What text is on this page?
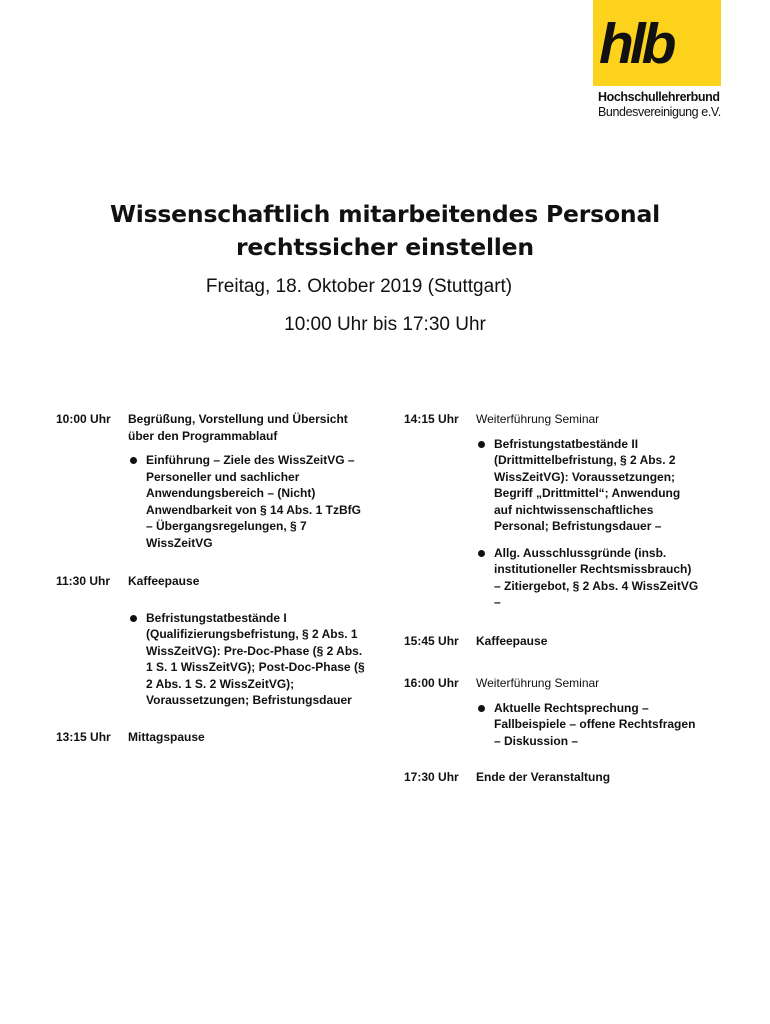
hlb
Hochschullehrerbund
Bundesvereinigung e.V.
Wissenschaftlich mitarbeitendes Personal
rechtssicher einstellen
Freitag, 18. Oktober 2019 (Stuttgart)
10:00 Uhr bis 17:30 Uhr
10:00 Uhr	Begrüßung, Vorstellung und Übersicht über den Programmablauf
Einführung – Ziele des WissZeitVG – Personeller und sachlicher Anwendungsbereich – (Nicht) Anwendbarkeit von § 14 Abs. 1 TzBfG – Übergangsregelungen, § 7 WissZeitVG
11:30 Uhr	Kaffeepause
Befristungstatbestände I (Qualifizierungsbefristung, § 2 Abs. 1 WissZeitVG): Pre-Doc-Phase (§ 2 Abs. 1 S. 1 WissZeitVG); Post-Doc-Phase (§ 2 Abs. 1 S. 2 WissZeitVG); Voraussetzungen; Befristungsdauer
13:15 Uhr	Mittagspause
14:15 Uhr	Weiterführung Seminar
Befristungstatbestände II (Drittmittelbefristung, § 2 Abs. 2 WissZeitVG): Voraussetzungen; Begriff „Drittmittel“; Anwendung auf nichtwissenschaftliches Personal; Befristungsdauer –
Allg. Ausschlussgründe (insb. institutioneller Rechtsmissbrauch) – Zitiergebot, § 2 Abs. 4 WissZeitVG –
15:45 Uhr	Kaffeepause
16:00 Uhr	Weiterführung Seminar
Aktuelle Rechtsprechung – Fallbeispiele – offene Rechtsfragen – Diskussion –
17:30 Uhr	Ende der Veranstaltung
